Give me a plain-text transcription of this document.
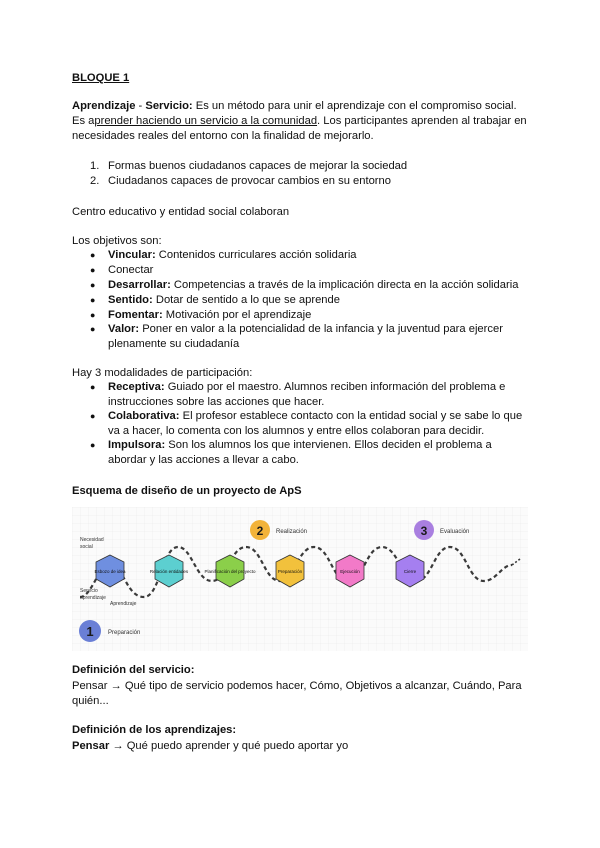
BLOQUE 1
Aprendizaje - Servicio: Es un método para unir el aprendizaje con el compromiso social.
Es aprender haciendo un servicio a la comunidad. Los participantes aprenden al trabajar en
necesidades reales del entorno con la finalidad de mejorarlo.
1. Formas buenos ciudadanos capaces de mejorar la sociedad
2. Ciudadanos capaces de provocar cambios en su entorno
Centro educativo y entidad social colaboran
Los objetivos son:
● Vincular: Contenidos curriculares acción solidaria
● Conectar
● Desarrollar: Competencias a través de la implicación directa en la acción solidaria
● Sentido: Dotar de sentido a lo que se aprende
● Fomentar: Motivación por el aprendizaje
● Valor: Poner en valor a la potencialidad de la infancia y la juventud para ejercer
plenamente su ciudadanía
Hay 3 modalidades de participación:
● Receptiva: Guiado por el maestro. Alumnos reciben información del problema e
instrucciones sobre las acciones que hacer.
● Colaborativa: El profesor establece contacto con la entidad social y se sabe lo que
va a hacer, lo comenta con los alumnos y entre ellos colaboran para decidir.
● Impulsora: Son los alumnos los que intervienen. Ellos deciden el problema a
abordar y las acciones a llevar a cabo.
Esquema de diseño de un proyecto de ApS
Necesidad
social
Servicio
aprendizaje
Aprendizaje
1 Preparación
2 Realización	3 Evaluación
Esbozo de idea	Relación entidades	Planificación del proyecto	Preparación	Ejecución	Cierre
Definición del servicio:
Pensar → Qué tipo de servicio podemos hacer, Cómo, Objetivos a alcanzar, Cuándo, Para
quién...
Definición de los aprendizajes:
Pensar → Qué puedo aprender y qué puedo aportar yo
